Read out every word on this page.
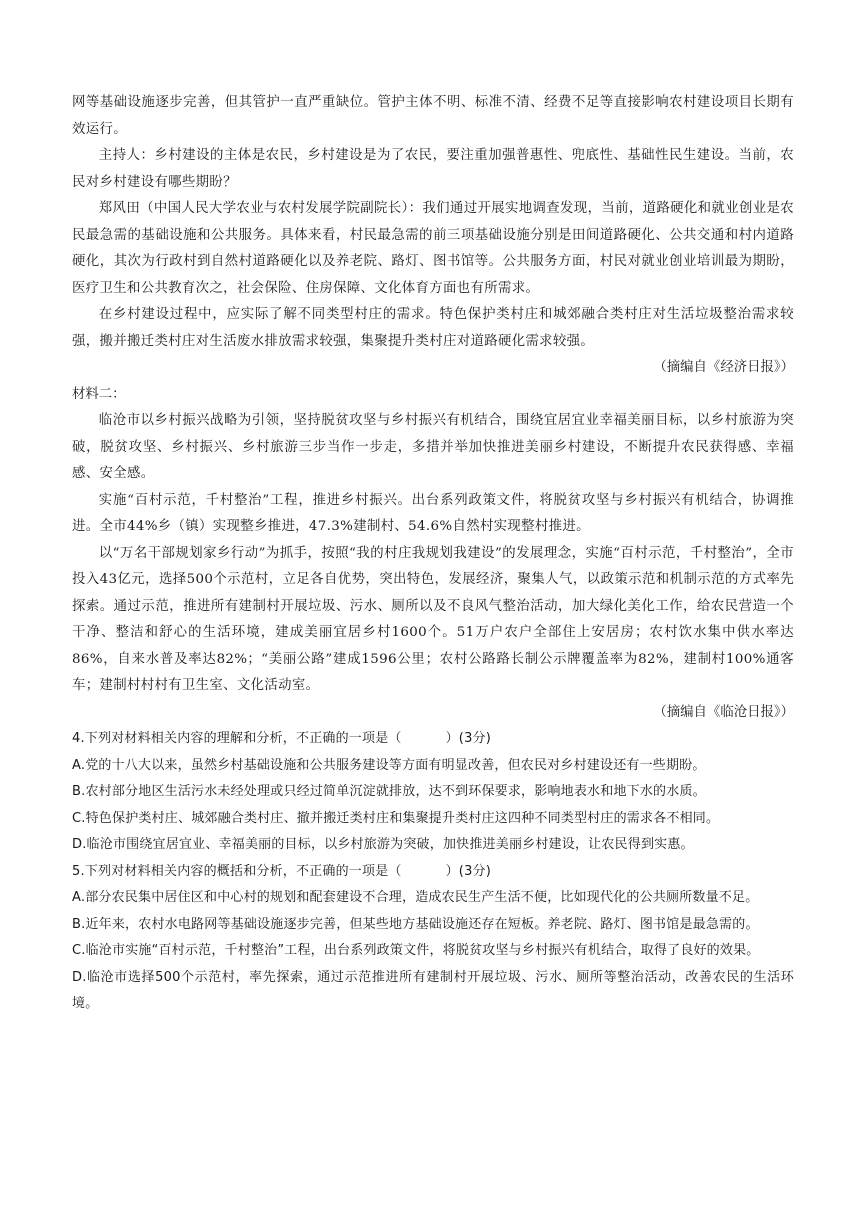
网等基础设施逐步完善，但其管护一直严重缺位。管护主体不明、标准不清、经费不足等直接影响农村建设项目长期有效运行。

主持人：乡村建设的主体是农民，乡村建设是为了农民，要注重加强普惠性、兜底性、基础性民生建设。当前，农民对乡村建设有哪些期盼？

郑风田（中国人民大学农业与农村发展学院副院长）：我们通过开展实地调查发现，当前，道路硬化和就业创业是农民最急需的基础设施和公共服务。具体来看，村民最急需的前三项基础设施分别是田间道路硬化、公共交通和村内道路硬化，其次为行政村到自然村道路硬化以及养老院、路灯、图书馆等。公共服务方面，村民对就业创业培训最为期盼，医疗卫生和公共教育次之，社会保险、住房保障、文化体育方面也有所需求。

在乡村建设过程中，应实际了解不同类型村庄的需求。特色保护类村庄和城郊融合类村庄对生活垃圾整治需求较强，搬并搬迁类村庄对生活废水排放需求较强，集聚提升类村庄对道路硬化需求较强。

（摘编自《经济日报》）

材料二：

临沧市以乡村振兴战略为引领，坚持脱贫攻坚与乡村振兴有机结合，围绕宜居宜业幸福美丽目标，以乡村旅游为突破，脱贫攻坚、乡村振兴、乡村旅游三步当作一步走，多措并举加快推进美丽乡村建设，不断提升农民获得感、幸福感、安全感。

实施“百村示范，千村整治”工程，推进乡村振兴。出台系列政策文件，将脱贫攻坚与乡村振兴有机结合，协调推进。全市44%乡（镇）实现整乡推进，47.3%建制村、54.6%自然村实现整村推进。

以“万名干部规划家乡行动”为抓手，按照“我的村庄我规划我建设”的发展理念，实施“百村示范，千村整治”，全市投入43亿元，选择500个示范村，立足各自优势，突出特色，发展经济，聚集人气，以政策示范和机制示范的方式率先探索。通过示范，推进所有建制村开展垃圾、污水、厕所以及不良风气整治活动，加大绿化美化工作，给农民营造一个干净、整洁和舒心的生活环境，建成美丽宜居乡村1600个。51万户农户全部住上安居房；农村饮水集中供水率达86%，自来水普及率达82%；“美丽公路”建成1596公里；农村公路路长制公示牌覆盖率为82%，建制村100%通客车；建制村村村有卫生室、文化活动室。

（摘编自《临沧日报》）

4.下列对材料相关内容的理解和分析，不正确的一项是（	）(3分)

A.党的十八大以来，虽然乡村基础设施和公共服务建设等方面有明显改善，但农民对乡村建设还有一些期盼。

B.农村部分地区生活污水未经处理或只经过简单沉淀就排放，达不到环保要求，影响地表水和地下水的水质。

C.特色保护类村庄、城郊融合类村庄、撤并搬迁类村庄和集聚提升类村庄这四种不同类型村庄的需求各不相同。

D.临沧市围绕宜居宜业、幸福美丽的目标，以乡村旅游为突破，加快推进美丽乡村建设，让农民得到实惠。

5.下列对材料相关内容的概括和分析，不正确的一项是（	）(3分)

A.部分农民集中居住区和中心村的规划和配套建设不合理，造成农民生产生活不便，比如现代化的公共厕所数量不足。

B.近年来，农村水电路网等基础设施逐步完善，但某些地方基础设施还存在短板。养老院、路灯、图书馆是最急需的。

C.临沧市实施“百村示范，千村整治”工程，出台系列政策文件，将脱贫攻坚与乡村振兴有机结合，取得了良好的效果。

D.临沧市选择500个示范村，率先探索，通过示范推进所有建制村开展垃圾、污水、厕所等整治活动，改善农民的生活环境。
